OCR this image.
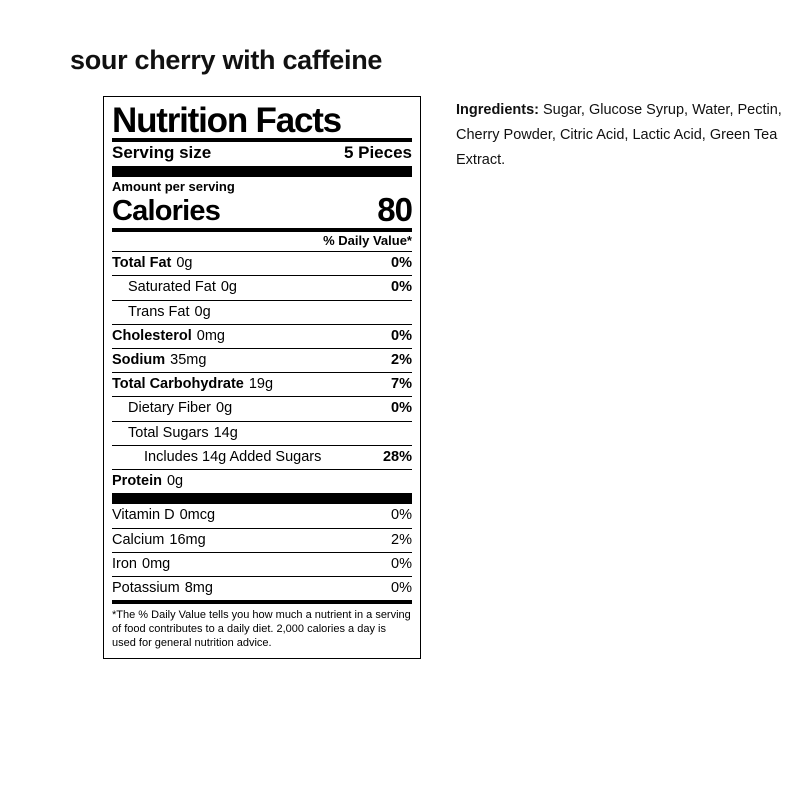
sour cherry with caffeine
Nutrition Facts
Serving size	5 Pieces
Amount per serving
Calories	80
% Daily Value*
Total Fat 0g	0%
Saturated Fat 0g	0%
Trans Fat 0g
Cholesterol 0mg	0%
Sodium 35mg	2%
Total Carbohydrate 19g	7%
Dietary Fiber 0g	0%
Total Sugars 14g
Includes 14g Added Sugars	28%
Protein 0g
Vitamin D 0mcg	0%
Calcium 16mg	2%
Iron 0mg	0%
Potassium 8mg	0%
*The % Daily Value tells you how much a nutrient in a serving of food contributes to a daily diet. 2,000 calories a day is used for general nutrition advice.
Ingredients: Sugar, Glucose Syrup, Water, Pectin, Cherry Powder, Citric Acid, Lactic Acid, Green Tea Extract.
